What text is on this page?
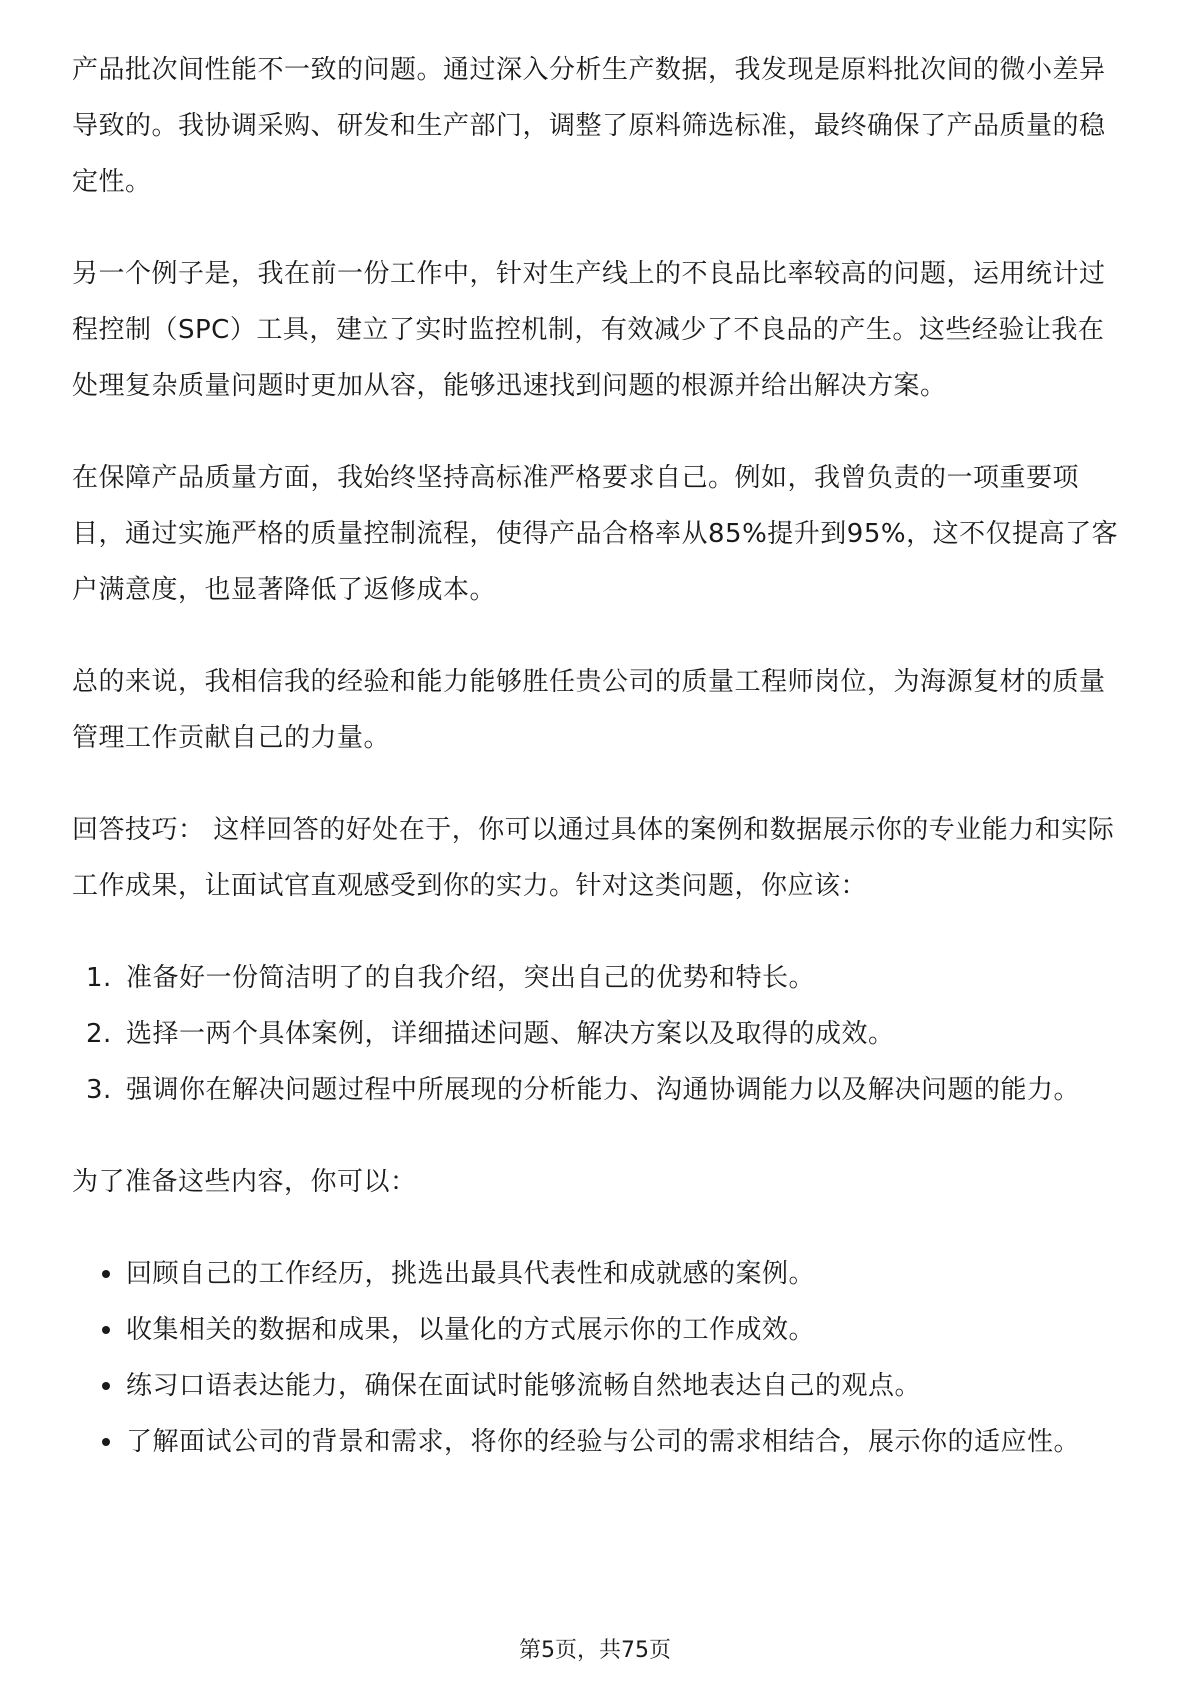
产品批次间性能不一致的问题。通过深入分析生产数据，我发现是原料批次间的微小差异导致的。我协调采购、研发和生产部门，调整了原料筛选标准，最终确保了产品质量的稳定性。

另一个例子是，我在前一份工作中，针对生产线上的不良品比率较高的问题，运用统计过程控制（SPC）工具，建立了实时监控机制，有效减少了不良品的产生。这些经验让我在处理复杂质量问题时更加从容，能够迅速找到问题的根源并给出解决方案。

在保障产品质量方面，我始终坚持高标准严格要求自己。例如，我曾负责的一项重要项目，通过实施严格的质量控制流程，使得产品合格率从85%提升到95%，这不仅提高了客户满意度，也显著降低了返修成本。

总的来说，我相信我的经验和能力能够胜任贵公司的质量工程师岗位，为海源复材的质量管理工作贡献自己的力量。

回答技巧： 这样回答的好处在于，你可以通过具体的案例和数据展示你的专业能力和实际工作成果，让面试官直观感受到你的实力。针对这类问题，你应该：

1. 准备好一份简洁明了的自我介绍，突出自己的优势和特长。
2. 选择一两个具体案例，详细描述问题、解决方案以及取得的成效。
3. 强调你在解决问题过程中所展现的分析能力、沟通协调能力以及解决问题的能力。

为了准备这些内容，你可以：

回顾自己的工作经历，挑选出最具代表性和成就感的案例。
收集相关的数据和成果，以量化的方式展示你的工作成效。
练习口语表达能力，确保在面试时能够流畅自然地表达自己的观点。
了解面试公司的背景和需求，将你的经验与公司的需求相结合，展示你的适应性。
第5页，共75页
